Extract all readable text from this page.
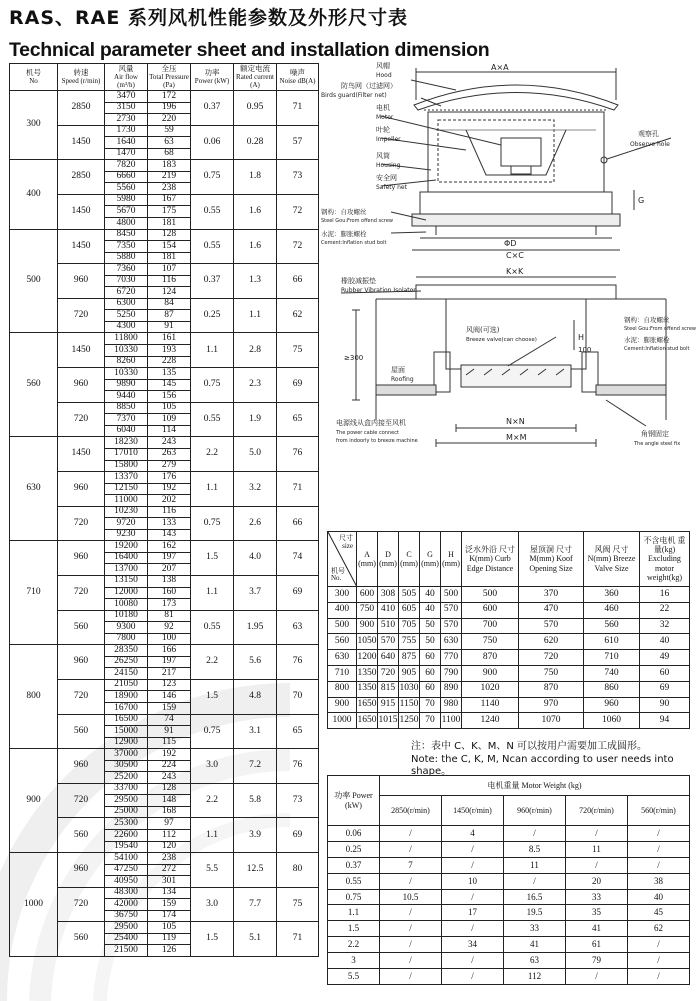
RAS、RAE 系列风机性能参数及外形尺寸表
Technical parameter sheet and installation dimension
机号
No	转速
Speed (r/min)	风量
Air flow (m³/h)	全压
Total Pressure (Pa)	功率
Power (kW)	额定电流
Rated current (A)	噪声
Noise dB(A)
300	2850	3470	172	0.37	0.95	71
		3150	196			
		2730	220			
	1450	1730	59	0.06	0.28	57
		1640	63			
		1470	68			
400	2850	7820	183	0.75	1.8	73
		6660	219			
		5560	238			
	1450	5980	167	0.55	1.6	72
		5670	175			
		4800	181			
500	1450	8450	128	0.55	1.6	72
		7350	154			
		5880	181			
	960	7360	107	0.37	1.3	66
		7030	116			
		6720	124			
	720	6300	84	0.25	1.1	62
		5250	87			
		4300	91			
560	1450	11800	161	1.1	2.8	75
		10330	193			
		8260	228			
	960	10330	135	0.75	2.3	69
		9890	145			
		9440	156			
	720	8850	105	0.55	1.9	65
		7370	109			
		6040	114			
630	1450	18230	243	2.2	5.0	76
		17010	263			
		15800	279			
	960	13370	176	1.1	3.2	71
		12150	192			
		11000	202			
	720	10230	116	0.75	2.6	66
		9720	133			
		9230	143			
710	960	19200	162	1.5	4.0	74
		16400	197			
		13700	207			
	720	13150	138	1.1	3.7	69
		12000	160			
		10080	173			
	560	10180	81	0.55	1.95	63
		9300	92			
		7800	100			
800	960	28350	166	2.2	5.6	76
		26250	197			
		24150	217			
	720	21050	123	1.5	4.8	70
		18900	146			
		16700	159			
	560	16500	74	0.75	3.1	65
		15000	91			
		12900	115			
900	960	37000	192	3.0	7.2	76
		30500	224			
		25200	243			
	720	33700	128	2.2	5.8	73
		29500	148			
		25000	168			
	560	25300	97	1.1	3.9	69
		22600	112			
		19540	120			
1000	960	54100	238	5.5	12.5	80
		47250	272			
		40950	301			
	720	48300	134	3.0	7.7	75
		42000	159			
		36750	174			
	560	29500	105	1.5	5.1	71
		25400	119			
		21500	126			
A×A
ΦD
C×C
G
K×K
N×N
M×M
H
≥300
100
风帽
Hood
防鸟网（过滤网）
Birds guard(Filter net)
电机
Motor
叶轮
Impeller
风筒
Housing
安全网
Safety net
钢构：自攻螺丝
Steel Gou:From offend screw
水泥：膨胀螺栓
Cement:Inflation stud bolt
观察孔
Observe hole
橡胶减振垫
Rubber Vibration Isolator
风阀(可选)
Breeze valve(can choose)
屋面
Roofing
电源线从盒内接至风机
The power cable connect
from indoorly to breeze machine
角钢固定
The angle steel fix
钢构：自攻螺丝
Steel Gou:From offend screw
水泥：膨胀螺栓
Cement:Inflation stud bolt
尺寸 size
机号 No.	A (mm)	D (mm)	C (mm)	G (mm)	H (mm)	泛水外沿 尺寸 K(mm) Curb Edge Distance	屋顶洞 尺寸 M(mm) Koof Opening Size	风阀 尺寸 N(mm) Breeze Valve Size	不含电机 重量(kg) Excluding motor weight(kg)
300	600	308	505	40	500	500	370	360	16
400	750	410	605	40	570	600	470	460	22
500	900	510	705	50	570	700	570	560	32
560	1050	570	755	50	630	750	620	610	40
630	1200	640	875	60	770	870	720	710	49
710	1350	720	905	60	790	900	750	740	60
800	1350	815	1030	60	890	1020	870	860	69
900	1650	915	1150	70	980	1140	970	960	90
1000	1650	1015	1250	70	1100	1240	1070	1060	94
注：表中 C、K、M、N 可以按用户需要加工成圆形。
Note: the C, K, M, Ncan according to user needs into shape。
功率 Power (kW)	电机重量 Motor Weight (kg)				
	2850(r/min)	1450(r/min)	960(r/min)	720(r/min)	560(r/min)
0.06	/	4	/	/	/
0.25	/	/	8.5	11	/
0.37	7	/	11	/	/
0.55	/	10	/	20	38
0.75	10.5	/	16.5	33	40
1.1	/	17	19.5	35	45
1.5	/	/	33	41	62
2.2	/	34	41	61	/
3	/	/	63	79	/
5.5	/	/	112	/	/
